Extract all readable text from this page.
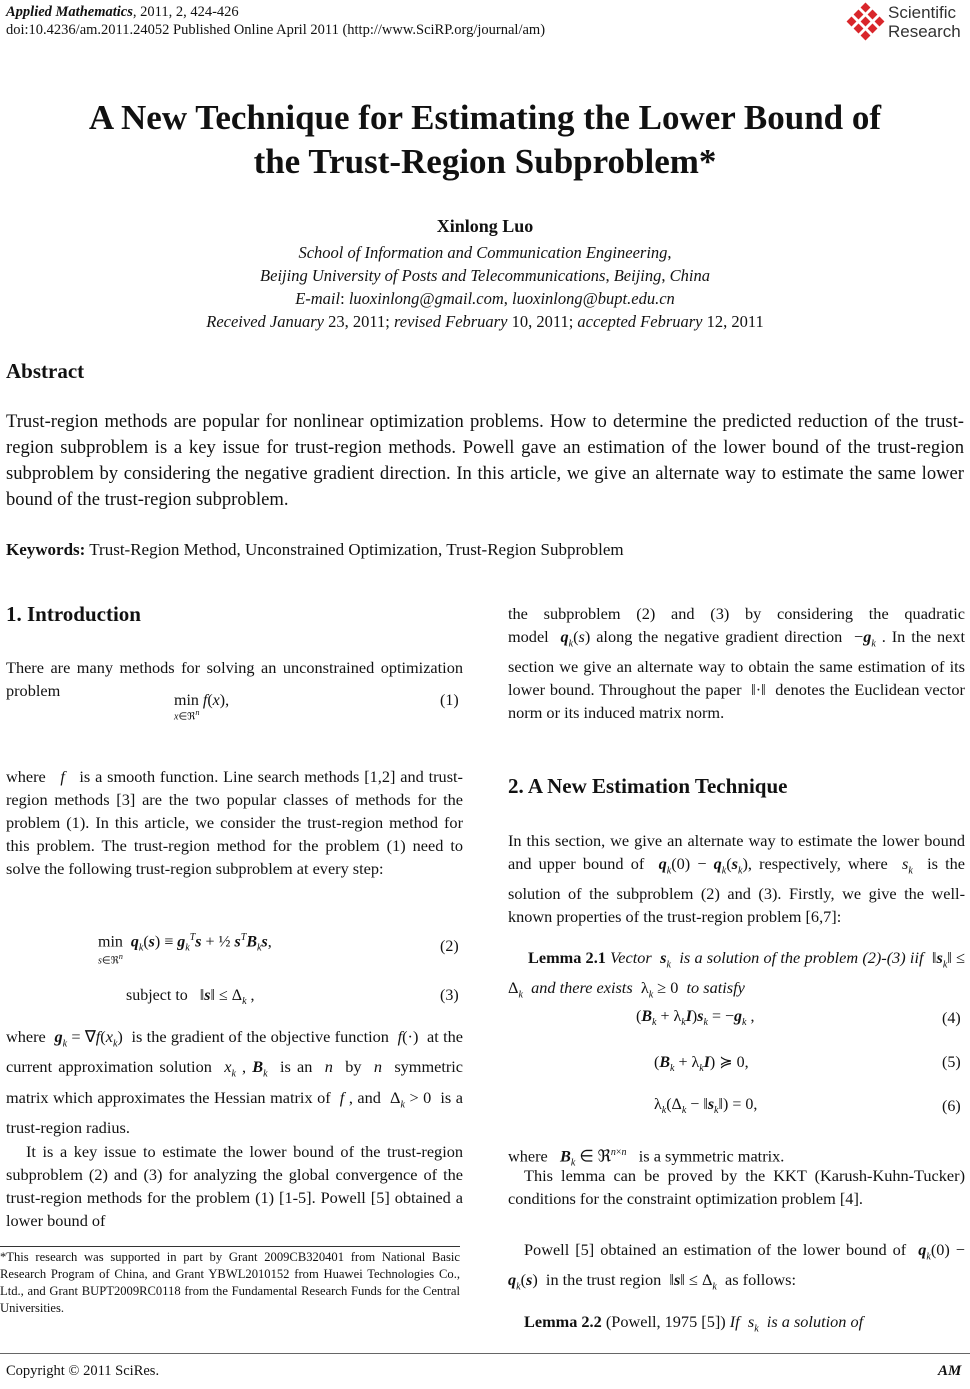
Applied Mathematics, 2011, 2, 424-426
doi:10.4236/am.2011.24052 Published Online April 2011 (http://www.SciRP.org/journal/am)
Scientific
Research
A New Technique for Estimating the Lower Bound of
the Trust-Region Subproblem*
Xinlong Luo
School of Information and Communication Engineering,
Beijing University of Posts and Telecommunications, Beijing, China
E-mail: luoxinlong@gmail.com, luoxinlong@bupt.edu.cn
Received January 23, 2011; revised February 10, 2011; accepted February 12, 2011
Abstract
Trust-region methods are popular for nonlinear optimization problems. How to determine the predicted reduction of the trust-region subproblem is a key issue for trust-region methods. Powell gave an estimation of the lower bound of the trust-region subproblem by considering the negative gradient direction. In this article, we give an alternate way to estimate the same lower bound of the trust-region subproblem.
Keywords: Trust-Region Method, Unconstrained Optimization, Trust-Region Subproblem
1. Introduction
There are many methods for solving an unconstrained optimization problem
min f(x),
x∈ℜ$^n$
(1)
where f is a smooth function. Line search methods [1,2] and trust-region methods [3] are the two popular classes of methods for the problem (1). In this article, we consider the trust-region method for this problem. The trust-region method for the problem (1) need to solve the following trust-region subproblem at every step:
$\min q_k(s) \equiv g_k^Ts$ + ½ $s^TB_ks$,
s∈ℜ$^n$
(2)
subject to   ‖s‖ ≤ $\Delta_k$ ,	(3)
where $g_k = \nabla f(x_k)$  is the gradient of the objective function f(·)  at the current approximation solution $x_k$ , $B_k$ is an n by n symmetric matrix which approximates the Hessian matrix of f , and  $\Delta_k > 0$  is a trust-region radius.
It is a key issue to estimate the lower bound of the trust-region subproblem (2) and (3) for analyzing the global convergence of the trust-region methods for the problem (1) [1-5]. Powell [5] obtained a lower bound of
*This research was supported in part by Grant 2009CB320401 from National Basic Research Program of China, and Grant YBWL2010152 from Huawei Technologies Co., Ltd., and Grant BUPT2009RC0118 from the Fundamental Research Funds for the Central Universities.
the subproblem (2) and (3) by considering the quadratic model $q_k(s)$ along the negative gradient direction  $-g_k$ . In the next section we give an alternate way to obtain the same estimation of its lower bound. Throughout the paper  ‖·‖  denotes the Euclidean vector norm or its induced matrix norm.
2. A New Estimation Technique
In this section, we give an alternate way to estimate the lower bound and upper bound of $q_k(0) - q_k(s_k)$, respectively, where $s_k$ is the solution of the subproblem (2) and (3). Firstly, we give the well-known properties of the trust-region problem [6,7]:
Lemma 2.1 Vector $s_k$ is a solution of the problem (2)-(3) iif  $‖s_k‖ \le \Delta_k$ and there exists  $\lambda_k \ge 0$  to satisfy
$(B_k + \lambda_kI)s_k = -g_k$ ,	(4)
$(B_k + \lambda_kI)$ ≽ 0,	(5)
$\lambda_k(\Delta_k$ − $‖s_k‖) = 0$,	(6)
where $B_k$ ∈ ℜ$^{n\times n}$ is a symmetric matrix.
This lemma can be proved by the KKT (Karush-Kuhn-Tucker) conditions for the constraint optimization problem [4].
Powell [5] obtained an estimation of the lower bound of $q_k(0) - q_k(s)$  in the trust region  ‖s‖ ≤ $\Delta_k$ as follows:
Lemma 2.2 (Powell, 1975 [5]) If $s_k$ is a solution of
Copyright © 2011 SciRes.	AM
